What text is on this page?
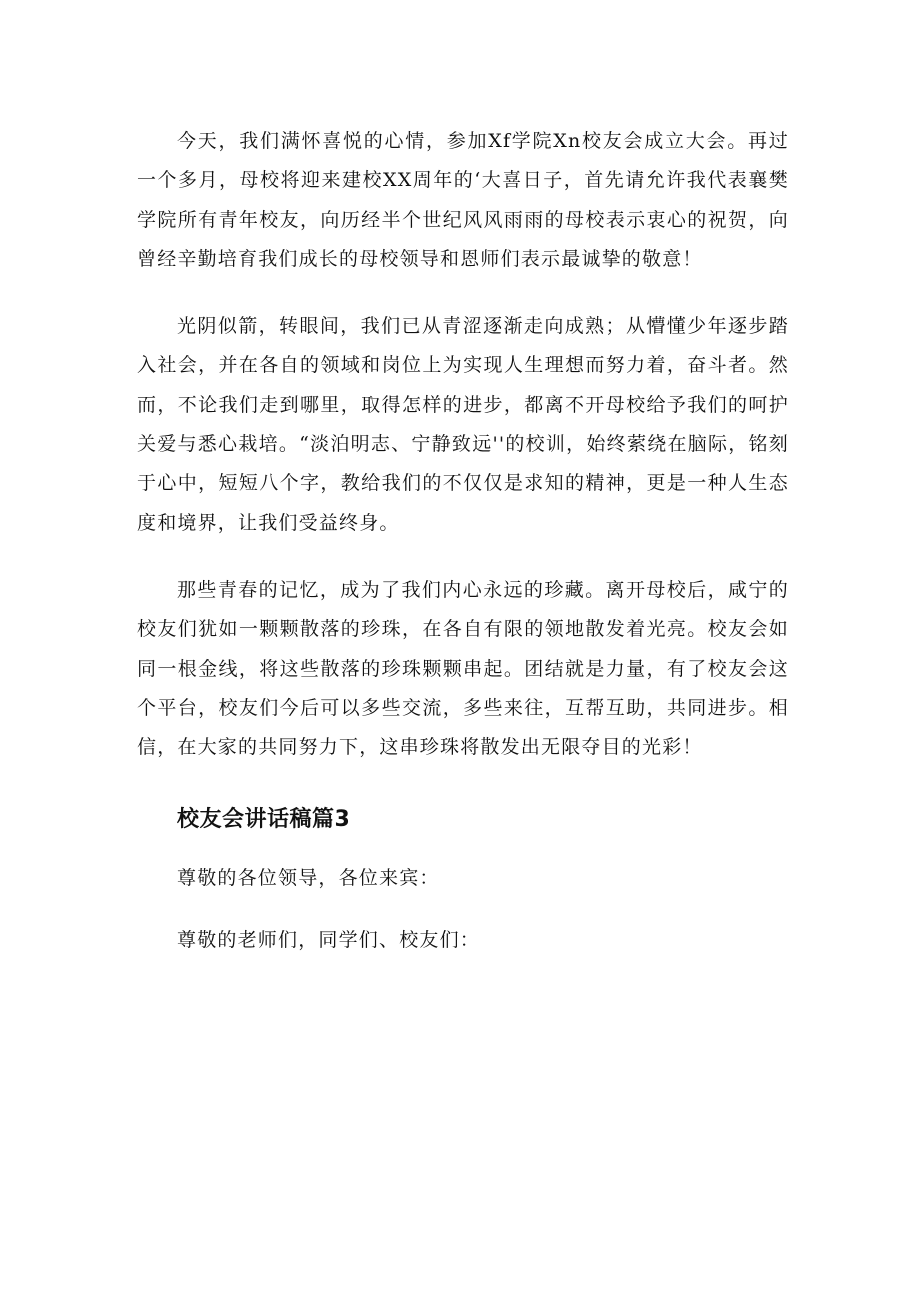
今天，我们满怀喜悦的心情，参加Xf学院Xn校友会成立大会。再过一个多月，母校将迎来建校XX周年的‘大喜日子，首先请允许我代表襄樊学院所有青年校友，向历经半个世纪风风雨雨的母校表示衷心的祝贺，向曾经辛勤培育我们成长的母校领导和恩师们表示最诚挚的敬意！

光阴似箭，转眼间，我们已从青涩逐渐走向成熟；从懵懂少年逐步踏入社会，并在各自的领域和岗位上为实现人生理想而努力着，奋斗者。然而，不论我们走到哪里，取得怎样的进步，都离不开母校给予我们的呵护关爱与悉心栽培。“淡泊明志、宁静致远''的校训，始终萦绕在脑际，铭刻于心中，短短八个字，教给我们的不仅仅是求知的精神，更是一种人生态度和境界，让我们受益终身。

那些青春的记忆，成为了我们内心永远的珍藏。离开母校后，咸宁的校友们犹如一颗颗散落的珍珠，在各自有限的领地散发着光亮。校友会如同一根金线，将这些散落的珍珠颗颗串起。团结就是力量，有了校友会这个平台，校友们今后可以多些交流，多些来往，互帮互助，共同进步。相信，在大家的共同努力下，这串珍珠将散发出无限夺目的光彩！

校友会讲话稿篇3

尊敬的各位领导，各位来宾：

尊敬的老师们，同学们、校友们：
